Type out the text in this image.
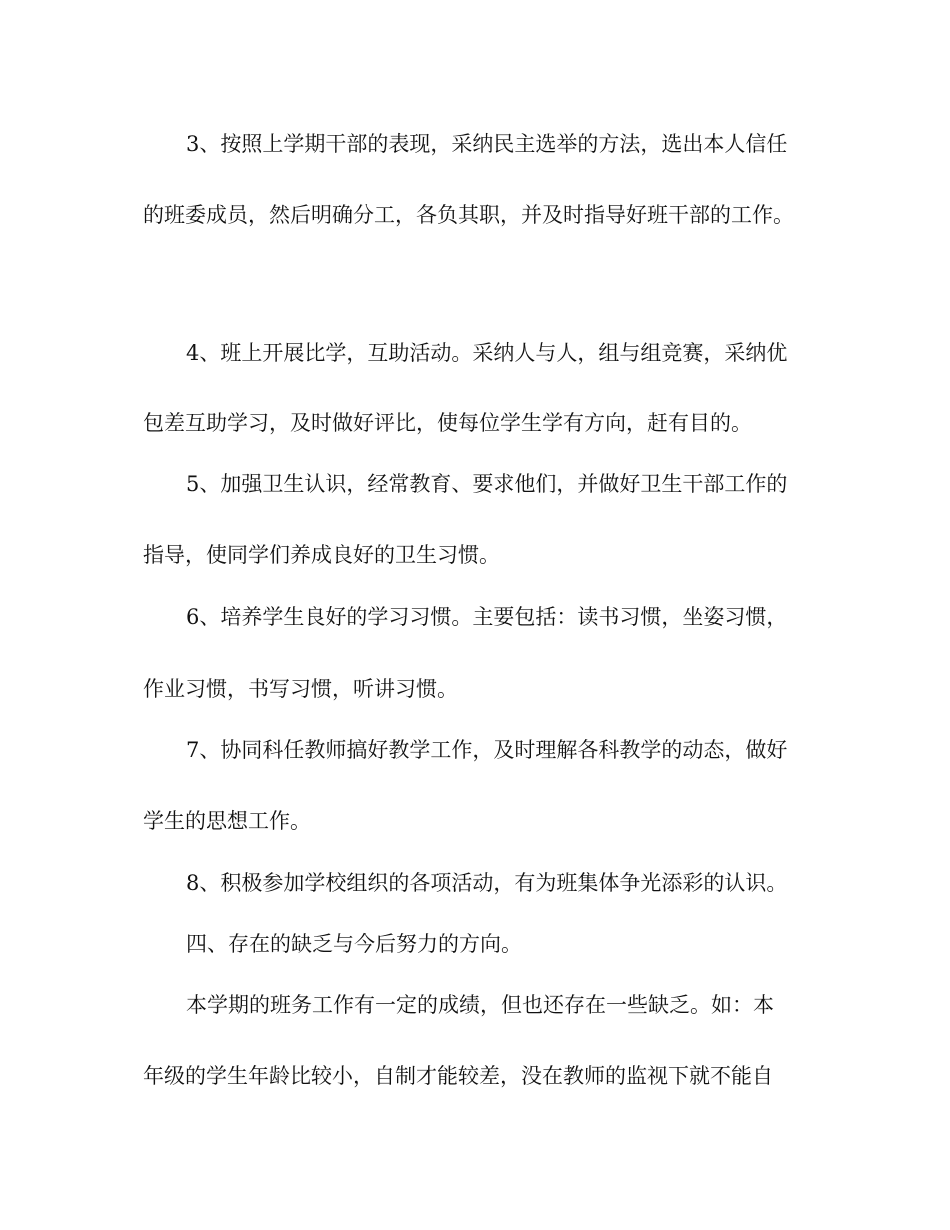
3、按照上学期干部的表现，采纳民主选举的方法，选出本人信任
的班委成员，然后明确分工，各负其职，并及时指导好班干部的工作。
4、班上开展比学，互助活动。采纳人与人，组与组竞赛，采纳优
包差互助学习，及时做好评比，使每位学生学有方向，赶有目的。
5、加强卫生认识，经常教育、要求他们，并做好卫生干部工作的
指导，使同学们养成良好的卫生习惯。
6、培养学生良好的学习习惯。主要包括：读书习惯，坐姿习惯，
作业习惯，书写习惯，听讲习惯。
7、协同科任教师搞好教学工作，及时理解各科教学的动态，做好
学生的思想工作。
8、积极参加学校组织的各项活动，有为班集体争光添彩的认识。
四、存在的缺乏与今后努力的方向。
本学期的班务工作有一定的成绩，但也还存在一些缺乏。如：本
年级的学生年龄比较小，自制才能较差，没在教师的监视下就不能自
